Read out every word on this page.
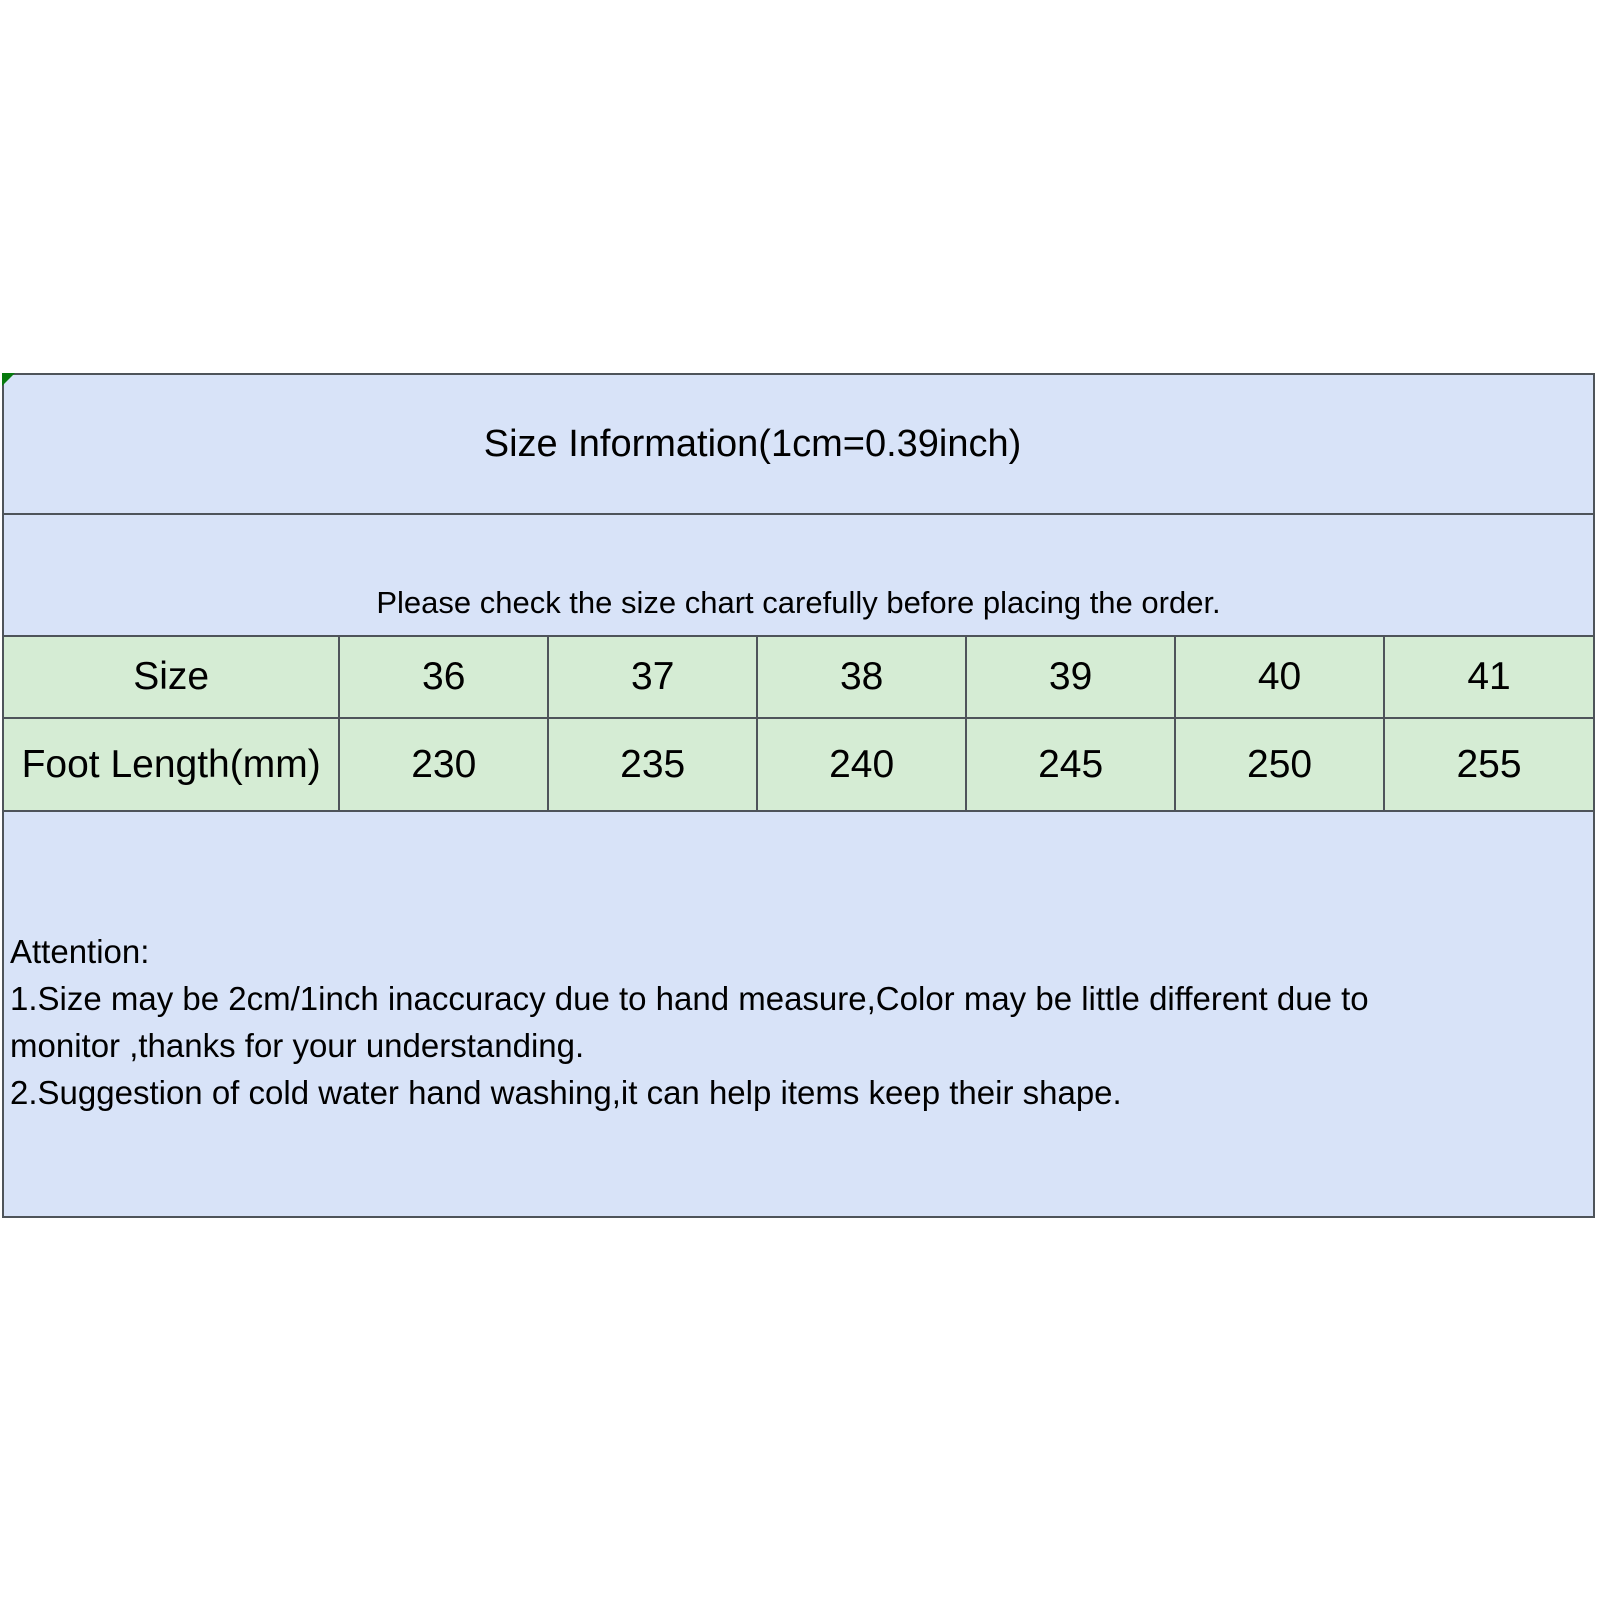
Size Information(1cm=0.39inch)
Please check the size chart carefully before placing the order.
Size	36	37	38	39	40	41
Foot Length(mm)	230	235	240	245	250	255
Attention:
1.Size may be 2cm/1inch inaccuracy due to hand measure,Color may be little different due to
monitor ,thanks for your understanding.
2.Suggestion of cold water hand washing,it can help items keep their shape.
